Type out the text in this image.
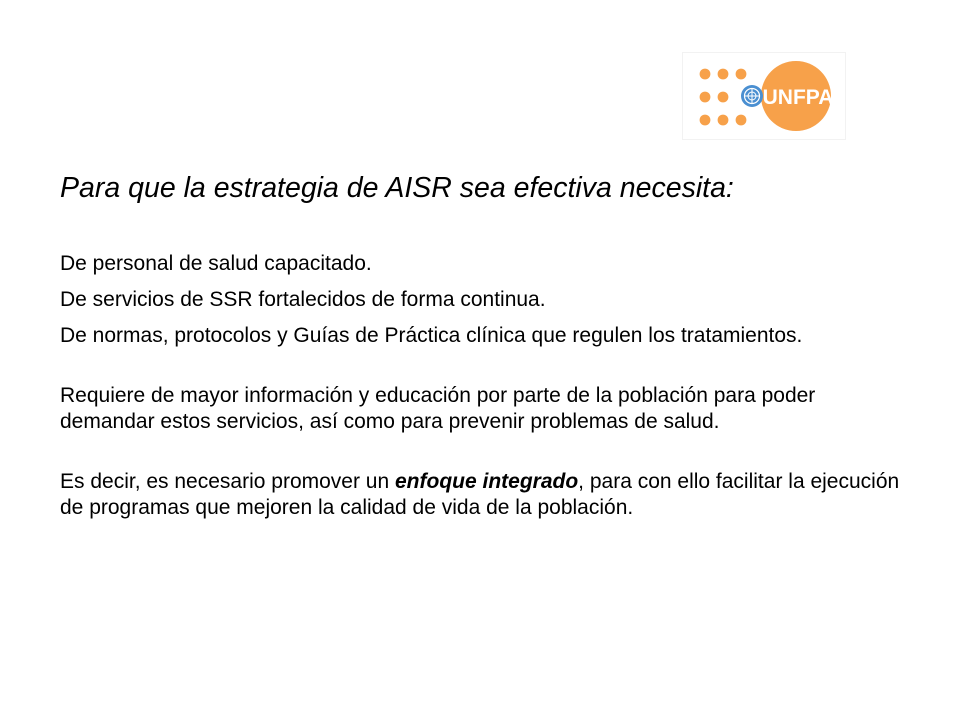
UNFPA
Para que la estrategia de AISR sea efectiva necesita:

De personal de salud capacitado.

De servicios de SSR fortalecidos de forma continua.

De normas, protocolos y Guías de Práctica clínica que regulen los tratamientos.

Requiere de mayor información y educación por parte de la población para poder demandar estos servicios, así como para prevenir problemas de salud.

Es decir, es necesario promover un enfoque integrado, para con ello facilitar la ejecución de programas que mejoren la calidad de vida de la población.
